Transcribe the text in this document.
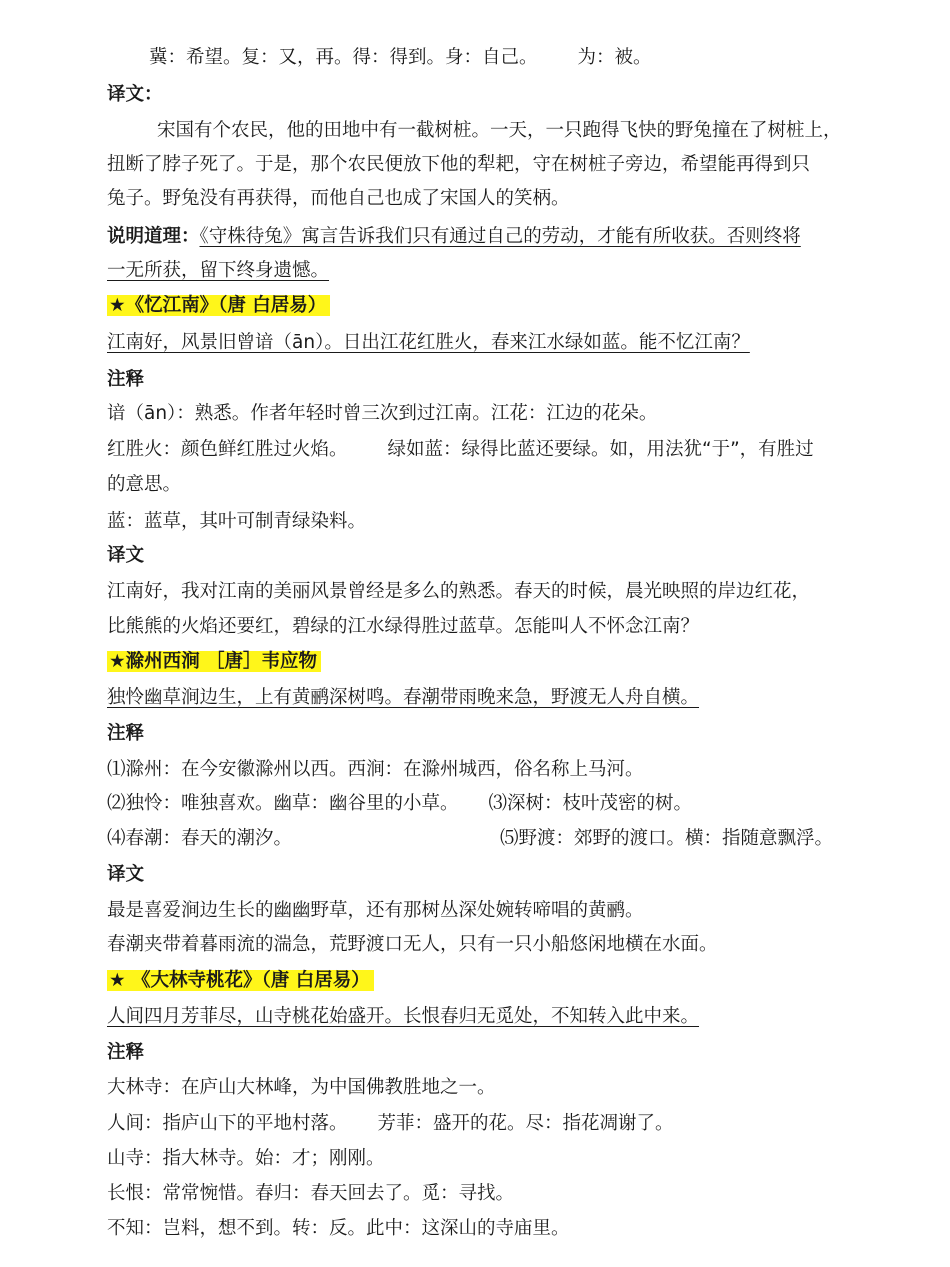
冀：希望。复：又，再。得：得到。身：自己。 为：被。
译文：
宋国有个农民，他的田地中有一截树桩。一天，一只跑得飞快的野兔撞在了树桩上，
扭断了脖子死了。于是，那个农民便放下他的犁耙，守在树桩子旁边，希望能再得到只
兔子。野兔没有再获得，而他自己也成了宋国人的笑柄。
说明道理：《守株待兔》寓言告诉我们只有通过自己的劳动，才能有所收获。否则终将
一无所获，留下终身遗憾。
★《忆江南》（唐 白居易）
江南好，风景旧曾谙（ān）。日出江花红胜火，春来江水绿如蓝。能不忆江南？
注释
谙（ān）：熟悉。作者年轻时曾三次到过江南。江花：江边的花朵。
红胜火：颜色鲜红胜过火焰。 绿如蓝：绿得比蓝还要绿。如，用法犹“于”，有胜过
的意思。
蓝：蓝草，其叶可制青绿染料。
译文
江南好，我对江南的美丽风景曾经是多么的熟悉。春天的时候，晨光映照的岸边红花，
比熊熊的火焰还要红，碧绿的江水绿得胜过蓝草。怎能叫人不怀念江南？
★滁州西涧 ［唐］韦应物
独怜幽草涧边生，上有黄鹂深树鸣。春潮带雨晚来急，野渡无人舟自横。
注释
⑴滁州：在今安徽滁州以西。西涧：在滁州城西，俗名称上马河。
⑵独怜：唯独喜欢。幽草：幽谷里的小草。 ⑶深树：枝叶茂密的树。
⑷春潮：春天的潮汐。	⑸野渡：郊野的渡口。横：指随意飘浮。
译文
最是喜爱涧边生长的幽幽野草，还有那树丛深处婉转啼唱的黄鹂。
春潮夹带着暮雨流的湍急，荒野渡口无人，只有一只小船悠闲地横在水面。
★ 《大林寺桃花》（唐 白居易）
人间四月芳菲尽，山寺桃花始盛开。长恨春归无觅处，不知转入此中来。
注释
大林寺：在庐山大林峰，为中国佛教胜地之一。
人间：指庐山下的平地村落。 芳菲：盛开的花。尽：指花凋谢了。
山寺：指大林寺。始：才；刚刚。
长恨：常常惋惜。春归：春天回去了。觅：寻找。
不知：岂料，想不到。转：反。此中：这深山的寺庙里。
